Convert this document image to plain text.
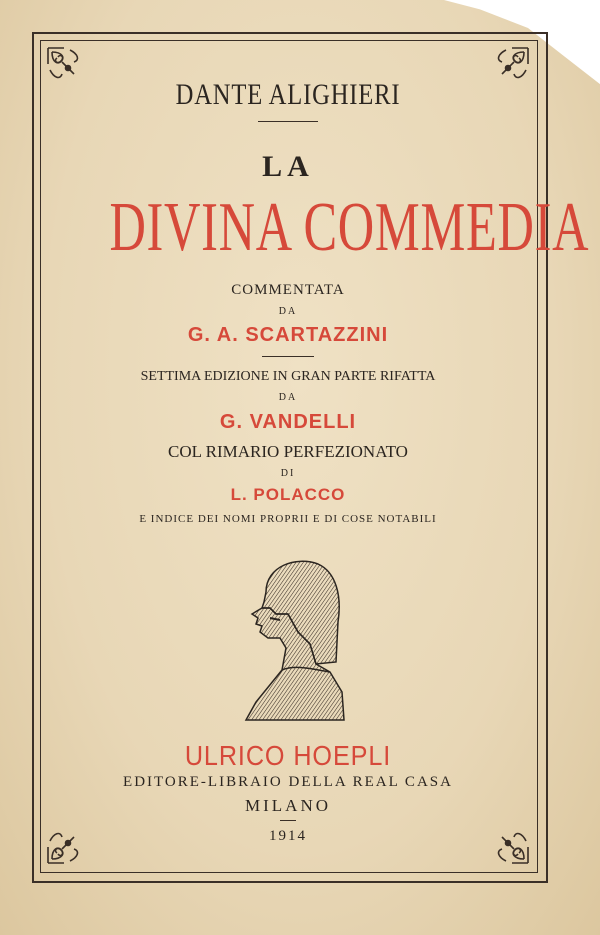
DANTE ALIGHIERI
LA
DIVINA COMMEDIA
COMMENTATA
DA
G. A. SCARTAZZINI
SETTIMA EDIZIONE IN GRAN PARTE RIFATTA
DA
G. VANDELLI
COL RIMARIO PERFEZIONATO
DI
L. POLACCO
E INDICE DEI NOMI PROPRII E DI COSE NOTABILI
ULRICO HOEPLI
EDITORE-LIBRAIO DELLA REAL CASA
MILANO
1914
